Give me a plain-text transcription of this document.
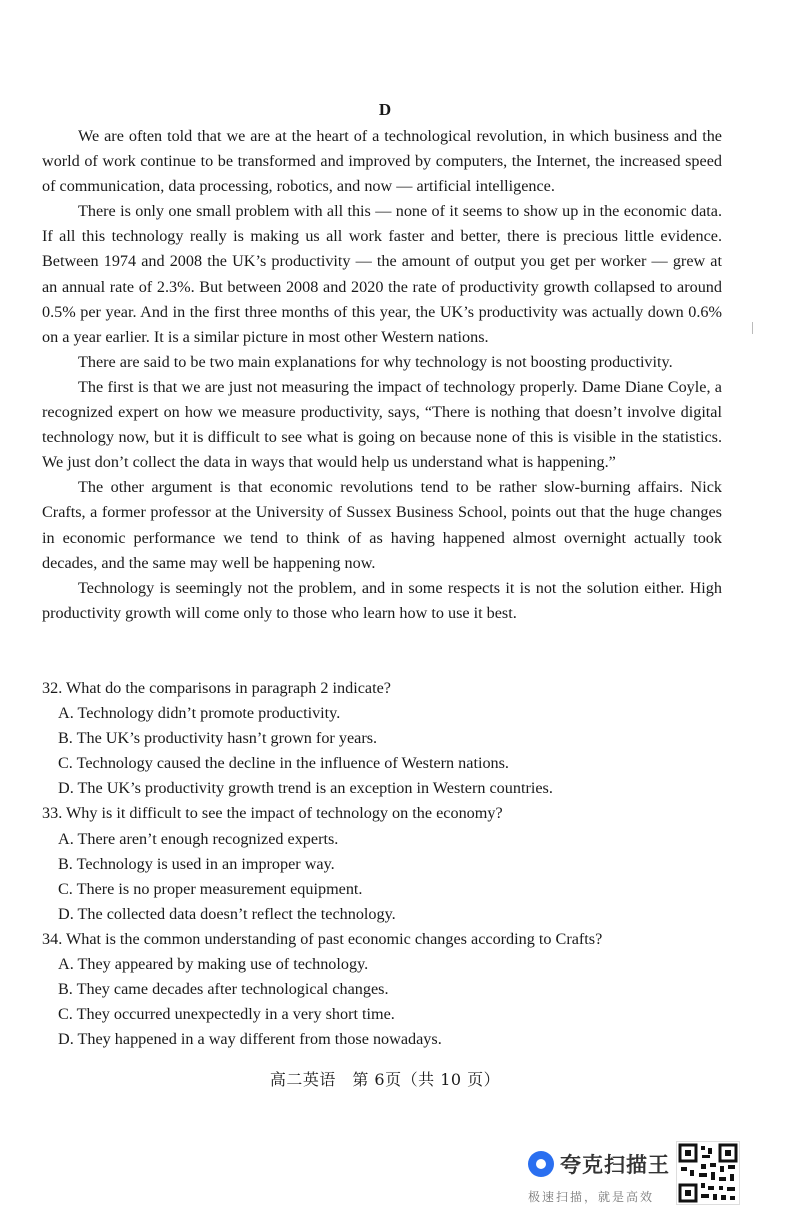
D

We are often told that we are at the heart of a technological revolution, in which business and the world of work continue to be transformed and improved by computers, the Internet, the increased speed of communication, data processing, robotics, and now — artificial intelligence.

There is only one small problem with all this — none of it seems to show up in the economic data. If all this technology really is making us all work faster and better, there is precious little evidence. Between 1974 and 2008 the UK’s productivity — the amount of output you get per worker — grew at an annual rate of 2.3%. But between 2008 and 2020 the rate of productivity growth collapsed to around 0.5% per year. And in the first three months of this year, the UK’s productivity was actually down 0.6% on a year earlier. It is a similar picture in most other Western nations.

There are said to be two main explanations for why technology is not boosting productivity.

The first is that we are just not measuring the impact of technology properly. Dame Diane Coyle, a recognized expert on how we measure productivity, says, “There is nothing that doesn’t involve digital technology now, but it is difficult to see what is going on because none of this is visible in the statistics. We just don’t collect the data in ways that would help us understand what is happening.”

The other argument is that economic revolutions tend to be rather slow-burning affairs. Nick Crafts, a former professor at the University of Sussex Business School, points out that the huge changes in economic performance we tend to think of as having happened almost overnight actually took decades, and the same may well be happening now.

Technology is seemingly not the problem, and in some respects it is not the solution either. High productivity growth will come only to those who learn how to use it best.

32. What do the comparisons in paragraph 2 indicate?

A. Technology didn’t promote productivity.

B. The UK’s productivity hasn’t grown for years.

C. Technology caused the decline in the influence of Western nations.

D. The UK’s productivity growth trend is an exception in Western countries.

33. Why is it difficult to see the impact of technology on the economy?

A. There aren’t enough recognized experts.

B. Technology is used in an improper way.

C. There is no proper measurement equipment.

D. The collected data doesn’t reflect the technology.

34. What is the common understanding of past economic changes according to Crafts?

A. They appeared by making use of technology.

B. They came decades after technological changes.

C. They occurred unexpectedly in a very short time.

D. They happened in a way different from those nowadays.

高二英语　第 6页（共 10 页）
夸克扫描王
极速扫描，就是高效
